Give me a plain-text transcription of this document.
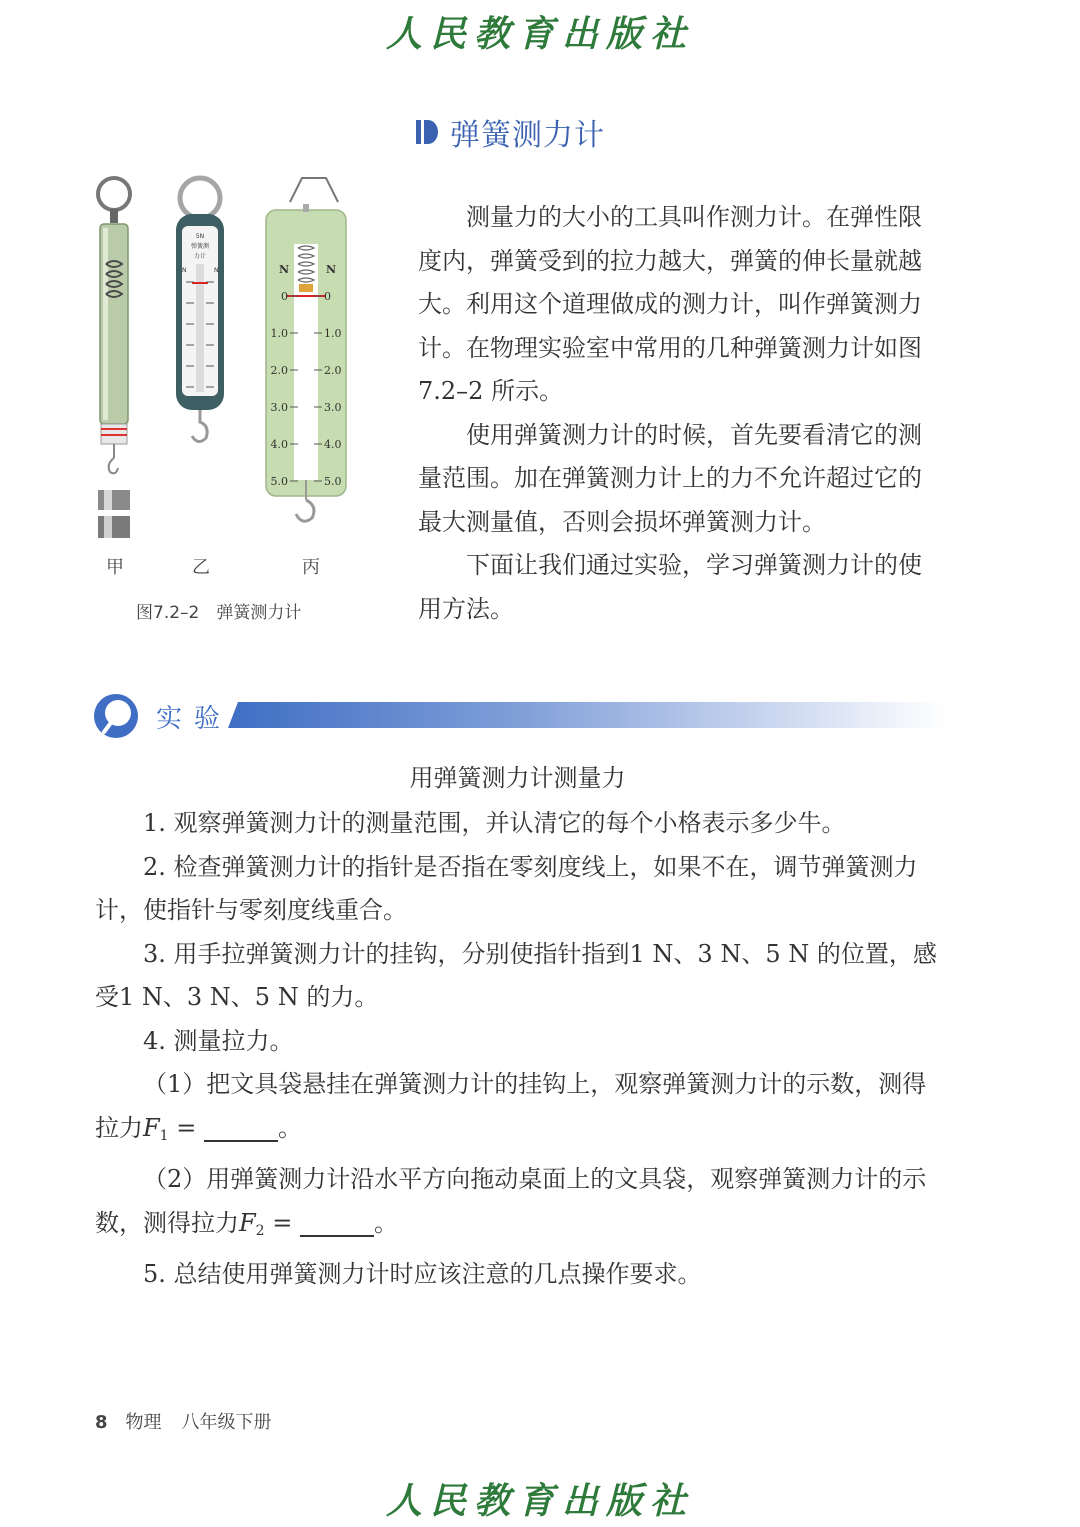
人民教育出版社
弹簧测力计
5N
弹簧测
力计
N	N	N	N
0
1.0
2.0
3.0
4.0
5.0
0
1.0
2.0
3.0
4.0
5.0
甲	乙	丙
图7.2–2　弹簧测力计

测量力的大小的工具叫作测力计。在弹性限度内，弹簧受到的拉力越大，弹簧的伸长量就越大。利用这个道理做成的测力计，叫作弹簧测力计。在物理实验室中常用的几种弹簧测力计如图7.2–2 所示。

使用弹簧测力计的时候，首先要看清它的测量范围。加在弹簧测力计上的力不允许超过它的最大测量值，否则会损坏弹簧测力计。

下面让我们通过实验，学习弹簧测力计的使用方法。

实验
用弹簧测力计测量力

1. 观察弹簧测力计的测量范围，并认清它的每个小格表示多少牛。

2. 检查弹簧测力计的指针是否指在零刻度线上，如果不在，调节弹簧测力计，使指针与零刻度线重合。

3. 用手拉弹簧测力计的挂钩，分别使指针指到1 N、3 N、5 N 的位置，感受1 N、3 N、5 N 的力。

4. 测量拉力。

（1）把文具袋悬挂在弹簧测力计的挂钩上，观察弹簧测力计的示数，测得拉力$F_1$ =	。

（2）用弹簧测力计沿水平方向拖动桌面上的文具袋，观察弹簧测力计的示数，测得拉力$F_2$ =	。

5. 总结使用弹簧测力计时应该注意的几点操作要求。

8 物理 八年级下册
人民教育出版社
